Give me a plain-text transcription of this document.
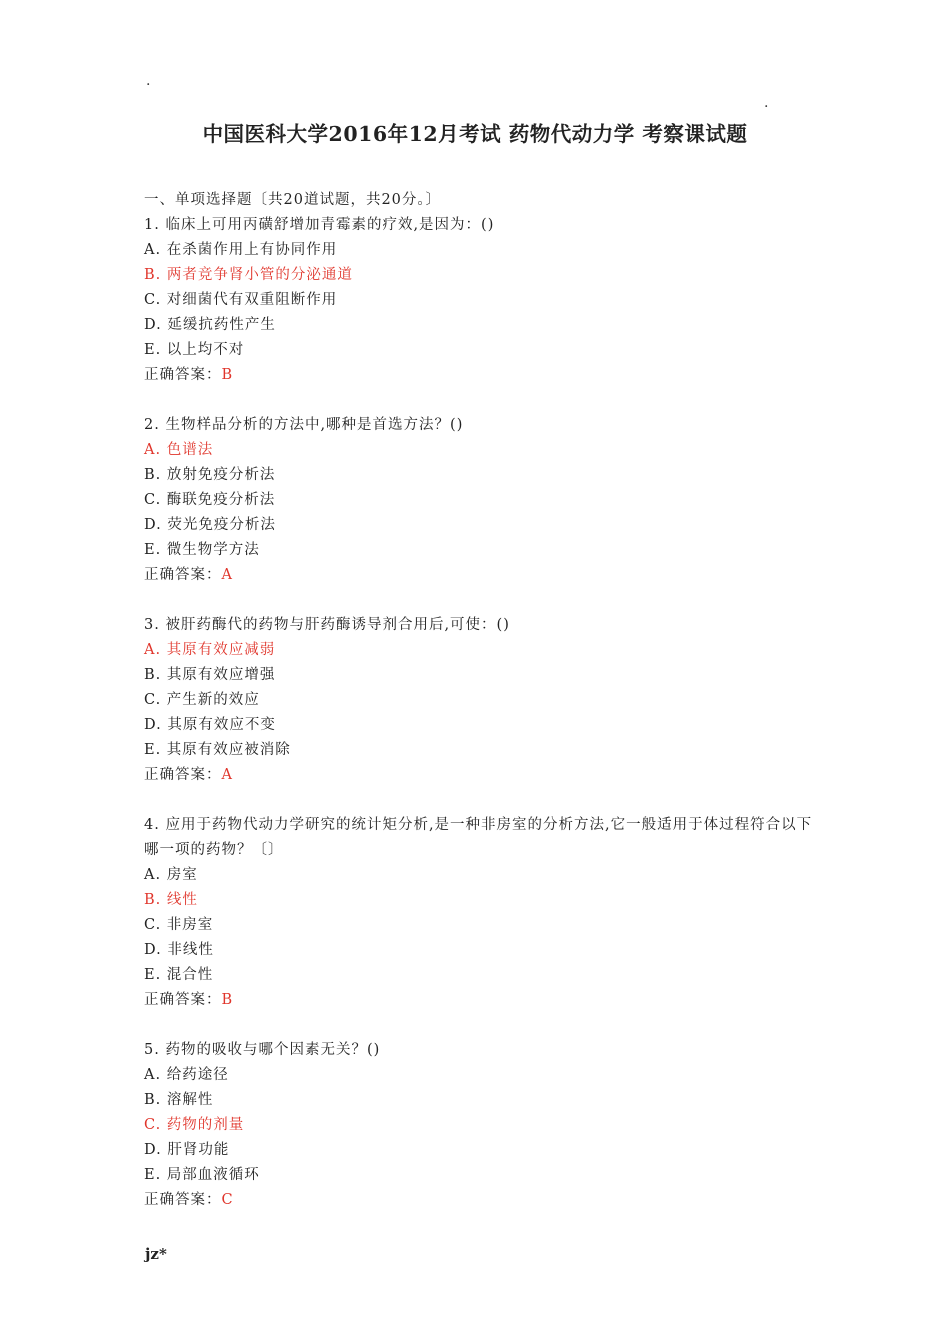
.
.
中国医科大学2016年12月考试 药物代动力学 考察课试题
一、单项选择题〔共20道试题，共20分。〕
1. 临床上可用丙磺舒增加青霉素的疗效,是因为：()
A. 在杀菌作用上有协同作用
B. 两者竞争肾小管的分泌通道
C. 对细菌代有双重阻断作用
D. 延缓抗药性产生
E. 以上均不对
正确答案：B
2. 生物样品分析的方法中,哪种是首选方法？()
A. 色谱法
B. 放射免疫分析法
C. 酶联免疫分析法
D. 荧光免疫分析法
E. 微生物学方法
正确答案：A
3. 被肝药酶代的药物与肝药酶诱导剂合用后,可使：()
A. 其原有效应减弱
B. 其原有效应增强
C. 产生新的效应
D. 其原有效应不变
E. 其原有效应被消除
正确答案：A
4. 应用于药物代动力学研究的统计矩分析,是一种非房室的分析方法,它一般适用于体过程符合以下哪一项的药物？〔〕
A. 房室
B. 线性
C. 非房室
D. 非线性
E. 混合性
正确答案：B
5. 药物的吸收与哪个因素无关？()
A. 给药途径
B. 溶解性
C. 药物的剂量
D. 肝肾功能
E. 局部血液循环
正确答案：C
jz*
